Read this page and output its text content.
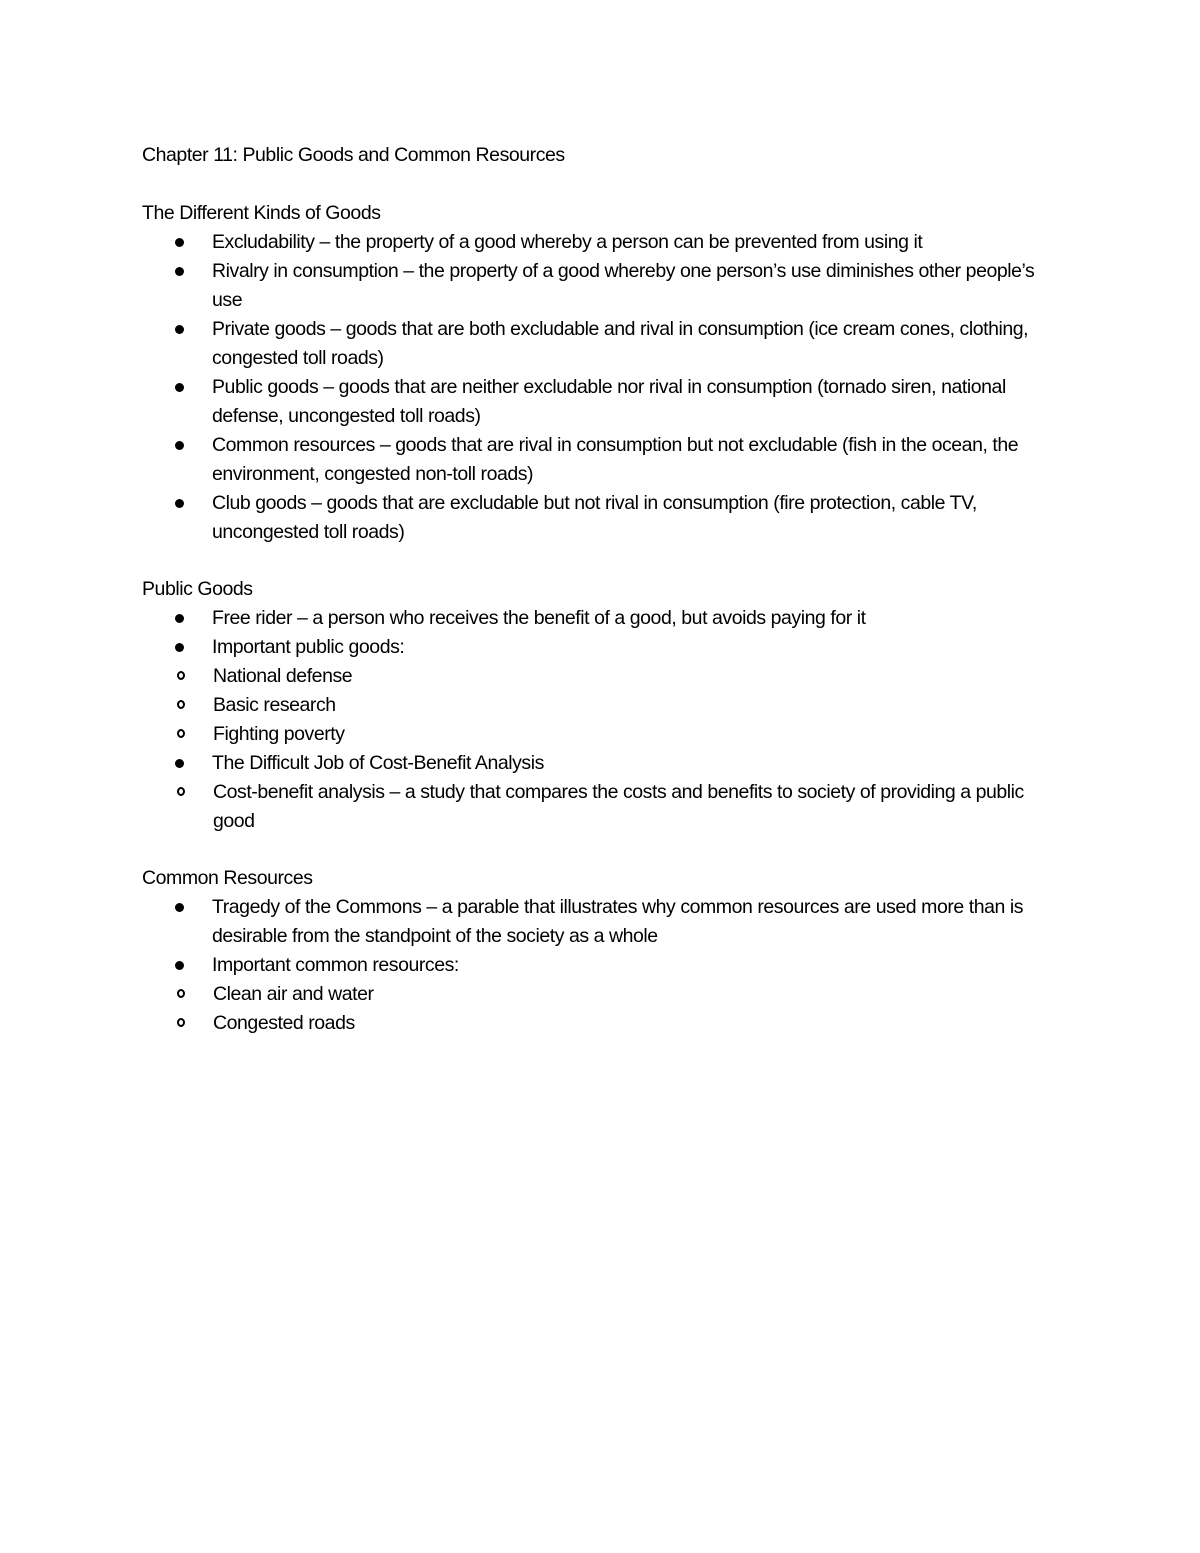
Chapter 11: Public Goods and Common Resources

The Different Kinds of Goods

Excludability – the property of a good whereby a person can be prevented from using it
Rivalry in consumption – the property of a good whereby one person’s use diminishes other people’s use
Private goods – goods that are both excludable and rival in consumption (ice cream cones, clothing, congested toll roads)
Public goods – goods that are neither excludable nor rival in consumption (tornado siren, national defense, uncongested toll roads)
Common resources – goods that are rival in consumption but not excludable (fish in the ocean, the environment, congested non-toll roads)
Club goods – goods that are excludable but not rival in consumption (fire protection, cable TV, uncongested toll roads)

Public Goods

Free rider – a person who receives the benefit of a good, but avoids paying for it
Important public goods:
National defense
Basic research
Fighting poverty
The Difficult Job of Cost-Benefit Analysis
Cost-benefit analysis – a study that compares the costs and benefits to society of providing a public good

Common Resources

Tragedy of the Commons – a parable that illustrates why common resources are used more than is desirable from the standpoint of the society as a whole
Important common resources:
Clean air and water
Congested roads
